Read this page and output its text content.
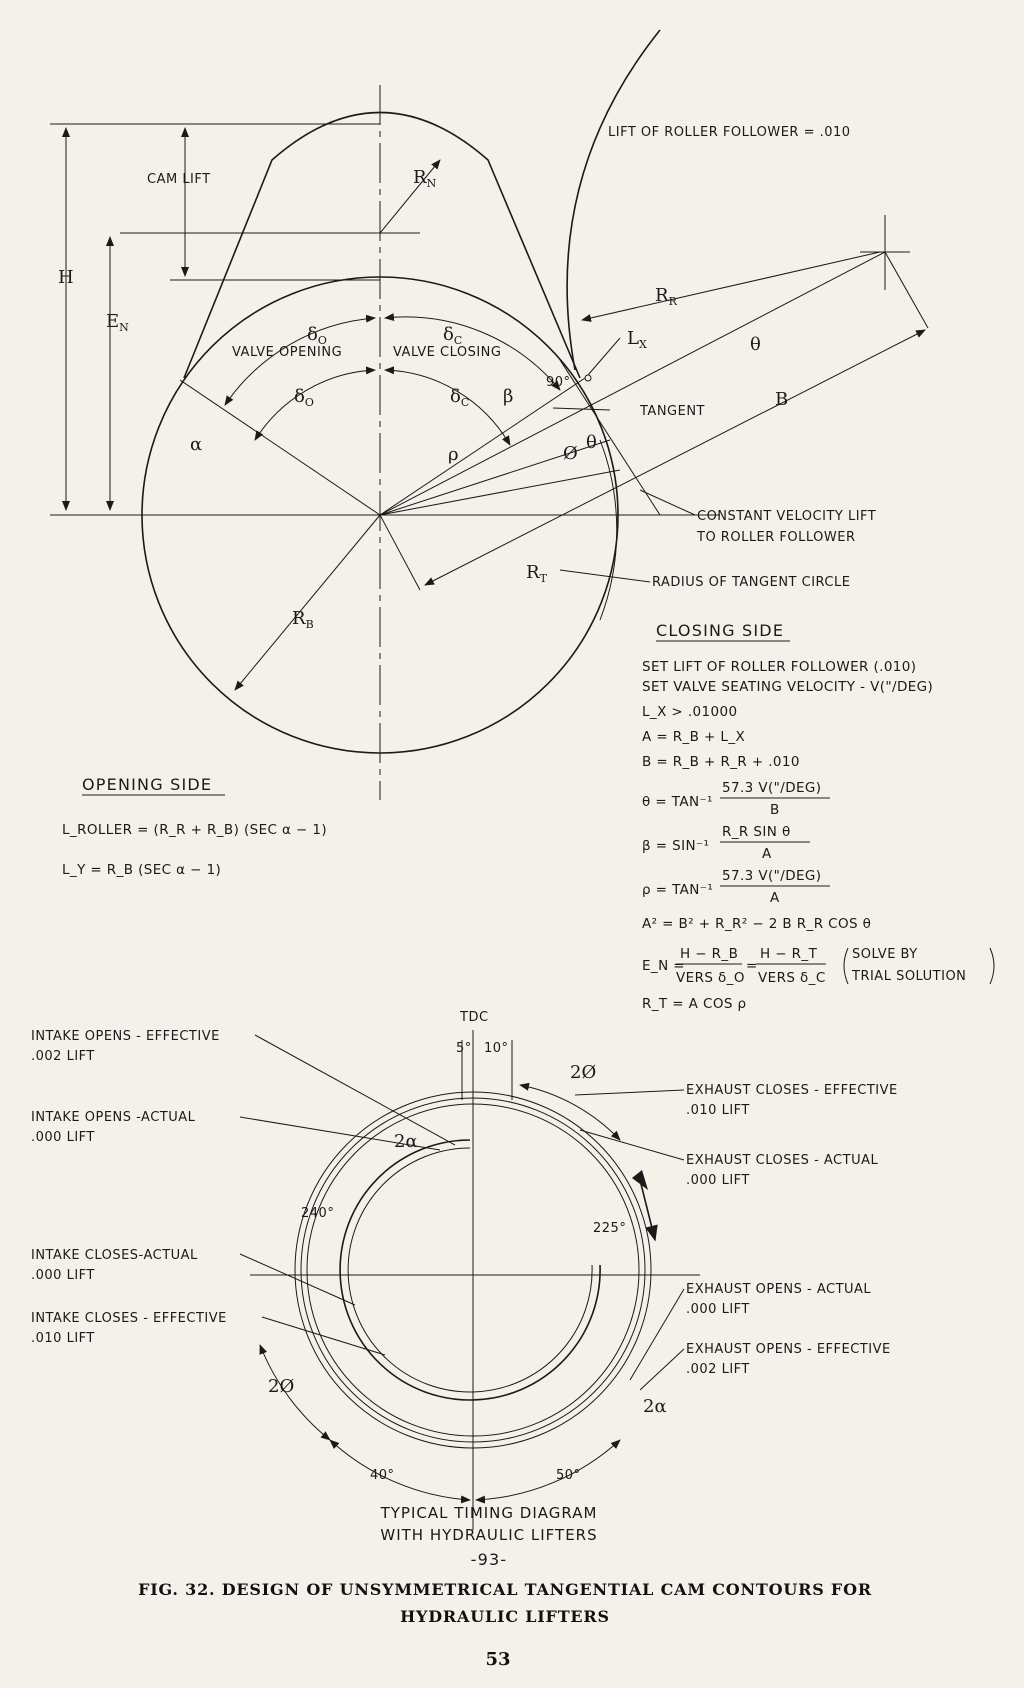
CAM LIFT
H
$E_N$
$R_N$
$R_R$
$R_B$
$R_T$
$L_X$
B
$\delta_O$	$\delta_C$
$\delta_O$	$\delta_C$
VALVE OPENING	VALVE CLOSING
α
β
ρ	Ø
θ
θ
90°
LIFT OF ROLLER FOLLOWER = .010
TANGENT
CONSTANT VELOCITY LIFT
TO ROLLER FOLLOWER
RADIUS OF TANGENT CIRCLE
OPENING SIDE
L_ROLLER = (R_R + R_B) (SEC α − 1)
L_Y = R_B (SEC α − 1)
CLOSING SIDE
SET LIFT OF ROLLER FOLLOWER (.010)
SET VALVE SEATING VELOCITY - V("/DEG)
L_X > .01000
A = R_B + L_X
B = R_B + R_R + .010
θ = TAN⁻¹
57.3 V("/DEG)
B
β = SIN⁻¹
R_R SIN θ
A
ρ = TAN⁻¹
57.3 V("/DEG)
A
A² = B² + R_R² − 2 B R_R COS θ
E_N =
H − R_B
VERS δ_O
=
H − R_T
VERS δ_C
SOLVE BY
TRIAL SOLUTION
R_T = A COS ρ
TDC
5° 10°
2Ø
2α
240°
225°
2Ø
2α
40°	50°
INTAKE OPENS - EFFECTIVE
.002 LIFT
INTAKE OPENS -ACTUAL
.000 LIFT
INTAKE CLOSES-ACTUAL
.000 LIFT
INTAKE CLOSES - EFFECTIVE
.010 LIFT
EXHAUST CLOSES - EFFECTIVE
.010 LIFT
EXHAUST CLOSES - ACTUAL
.000 LIFT
EXHAUST OPENS - ACTUAL
.000 LIFT
EXHAUST OPENS - EFFECTIVE
.002 LIFT
TYPICAL TIMING DIAGRAM
WITH HYDRAULIC LIFTERS
-93-
FIG. 32. DESIGN OF UNSYMMETRICAL TANGENTIAL CAM CONTOURS FOR
HYDRAULIC LIFTERS
53
